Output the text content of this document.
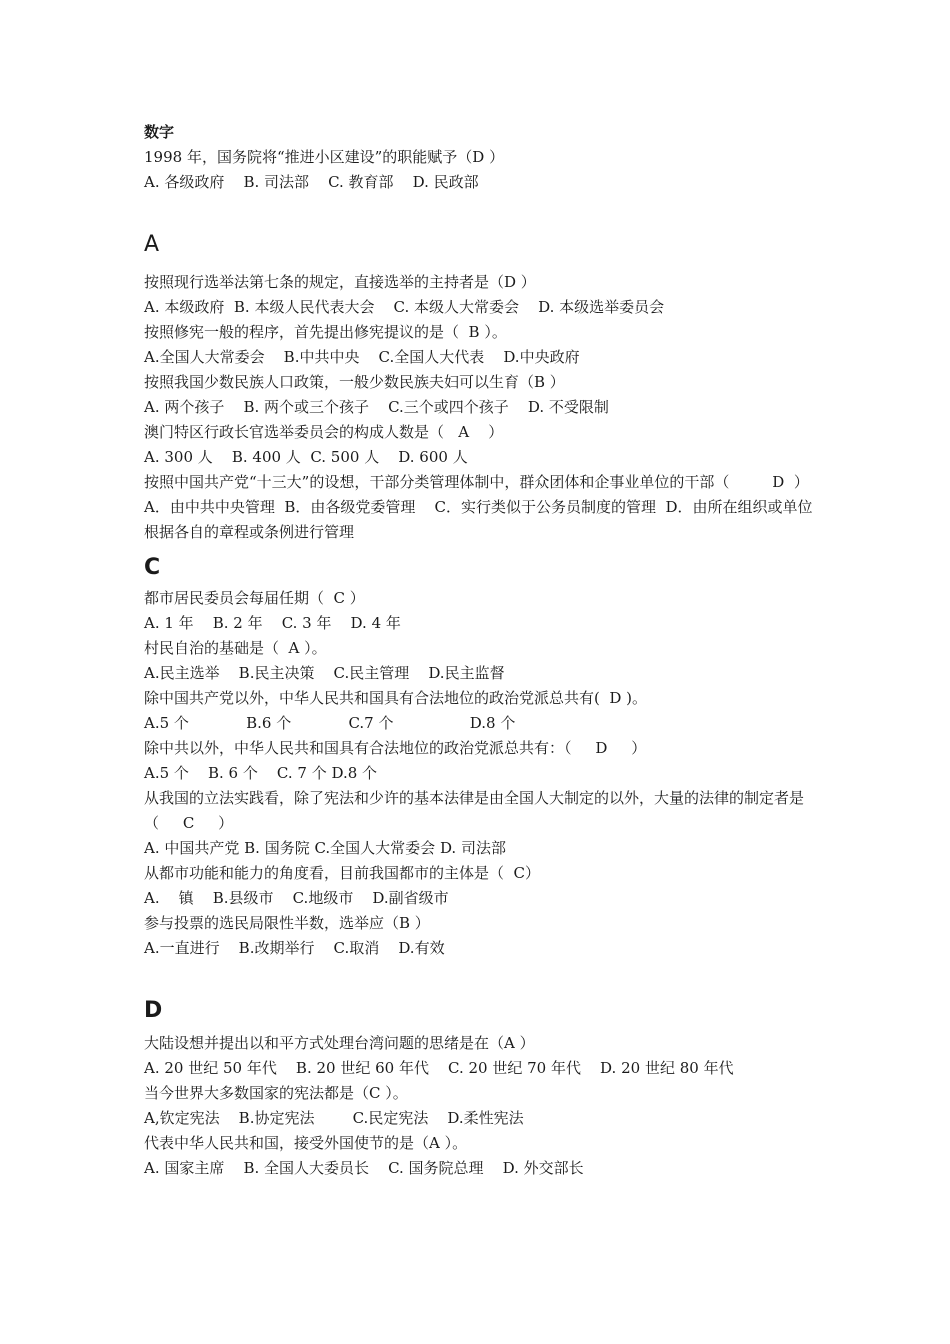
数字
1998 年，国务院将“推进小区建设”的职能赋予（D ）
A. 各级政府    B. 司法部    C. 教育部    D. 民政部
A
按照现行选举法第七条的规定，直接选举的主持者是（D ）
A. 本级政府  B. 本级人民代表大会    C. 本级人大常委会    D. 本级选举委员会
按照修宪一般的程序，首先提出修宪提议的是（  B ）。
A.全国人大常委会    B.中共中央    C.全国人大代表    D.中央政府
按照我国少数民族人口政策，一般少数民族夫妇可以生育（B ）
A. 两个孩子    B. 两个或三个孩子    C.三个或四个孩子    D. 不受限制
澳门特区行政长官选举委员会的构成人数是（   A    ）
A. 300 人    B. 400 人  C. 500 人    D. 600 人
按照中国共产党“十三大”的设想，干部分类管理体制中，群众团体和企事业单位的干部（         D  ）
A．由中共中央管理  B．由各级党委管理    C．实行类似于公务员制度的管理  D．由所在组织或单位根据各自的章程或条例进行管理
C
都市居民委员会每届任期（  C ）
A. 1 年    B. 2 年    C. 3 年    D. 4 年
村民自治的基础是（  A ）。
A.民主选举    B.民主决策    C.民主管理    D.民主监督
除中国共产党以外，中华人民共和国具有合法地位的政治党派总共有(  D )。
A.5 个            B.6 个            C.7 个                D.8 个
除中共以外，中华人民共和国具有合法地位的政治党派总共有：（     D     ）
A.5 个    B. 6 个    C. 7 个 D.8 个
从我国的立法实践看，除了宪法和少许的基本法律是由全国人大制定的以外，大量的法律的制定者是（     C     ）
A. 中国共产党 B. 国务院 C.全国人大常委会 D. 司法部
从都市功能和能力的角度看，目前我国都市的主体是（  C）
A.    镇    B.县级市    C.地级市    D.副省级市
参与投票的选民局限性半数，选举应（B ）
A.一直进行    B.改期举行    C.取消    D.有效
D
大陆设想并提出以和平方式处理台湾问题的思绪是在（A ）
A. 20 世纪 50 年代    B. 20 世纪 60 年代    C. 20 世纪 70 年代    D. 20 世纪 80 年代
当今世界大多数国家的宪法都是（C ）。
A,钦定宪法    B.协定宪法        C.民定宪法    D.柔性宪法
代表中华人民共和国，接受外国使节的是（A ）。
A. 国家主席    B. 全国人大委员长    C. 国务院总理    D. 外交部长
